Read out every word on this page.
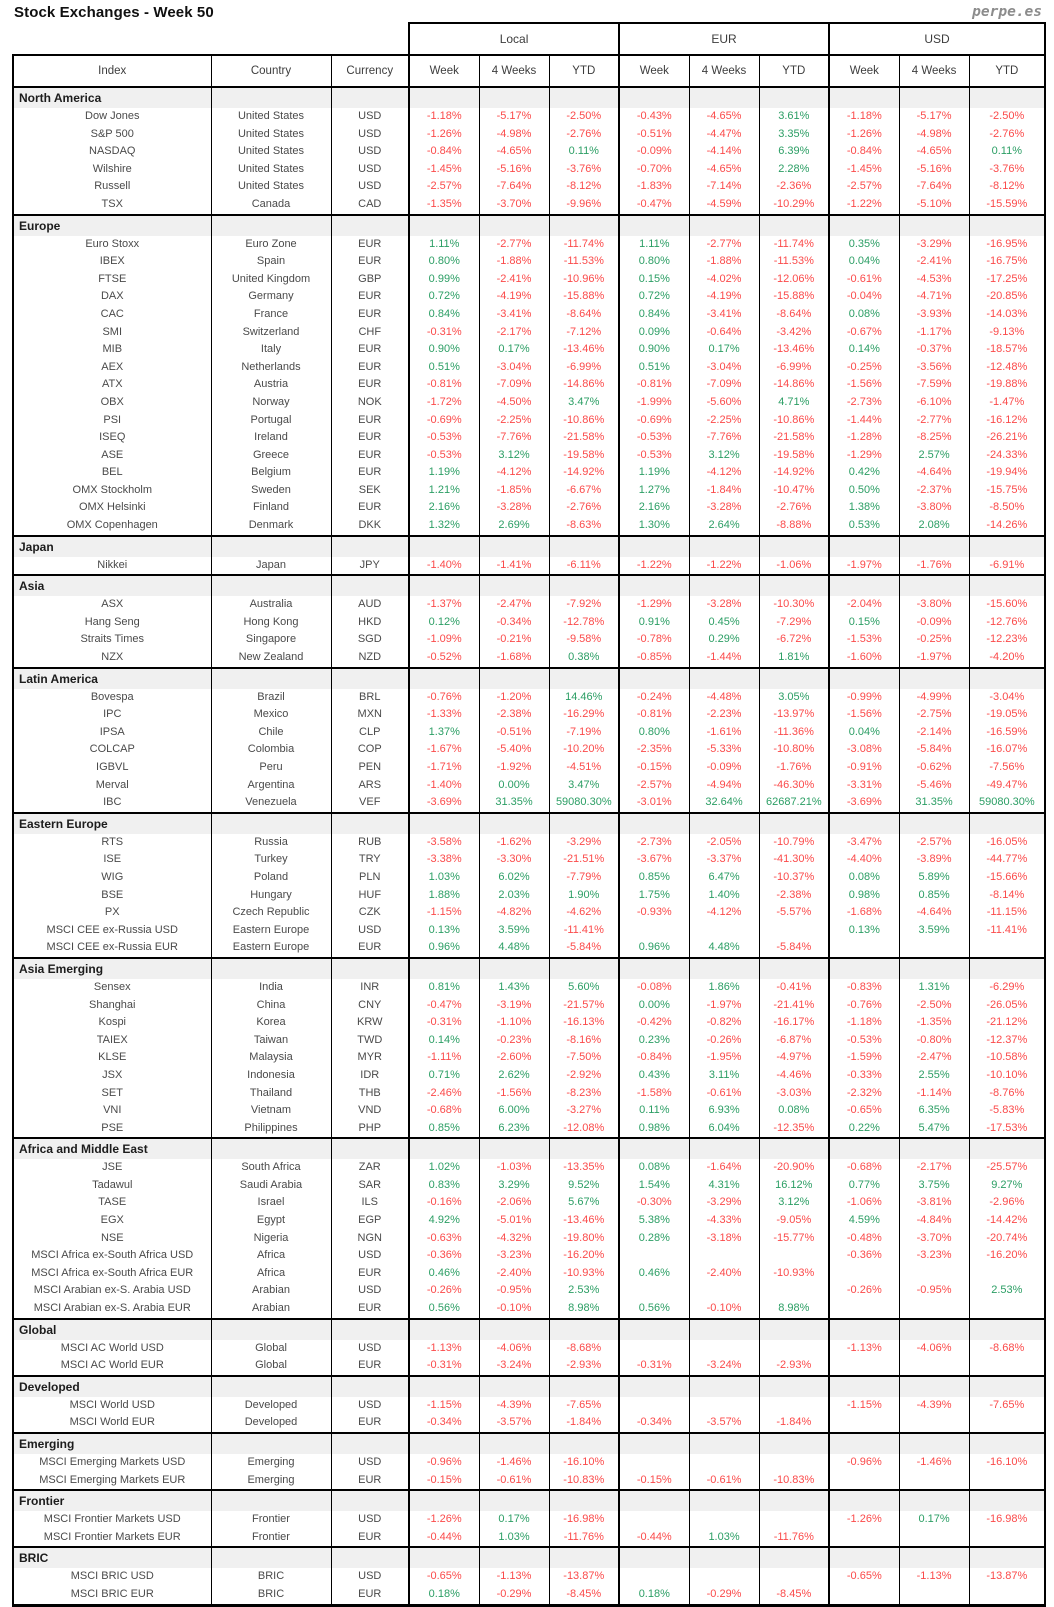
Stock Exchanges - Week 50	perpe.es
			Local			EUR			USD		
Index	Country	Currency	Week	4 Weeks	YTD	Week	4 Weeks	YTD	Week	4 Weeks	YTD
North America											
Dow Jones	United States	USD	-1.18%	-5.17%	-2.50%	-0.43%	-4.65%	3.61%	-1.18%	-5.17%	-2.50%
S&P 500	United States	USD	-1.26%	-4.98%	-2.76%	-0.51%	-4.47%	3.35%	-1.26%	-4.98%	-2.76%
NASDAQ	United States	USD	-0.84%	-4.65%	0.11%	-0.09%	-4.14%	6.39%	-0.84%	-4.65%	0.11%
Wilshire	United States	USD	-1.45%	-5.16%	-3.76%	-0.70%	-4.65%	2.28%	-1.45%	-5.16%	-3.76%
Russell	United States	USD	-2.57%	-7.64%	-8.12%	-1.83%	-7.14%	-2.36%	-2.57%	-7.64%	-8.12%
TSX	Canada	CAD	-1.35%	-3.70%	-9.96%	-0.47%	-4.59%	-10.29%	-1.22%	-5.10%	-15.59%
Europe											
Euro Stoxx	Euro Zone	EUR	1.11%	-2.77%	-11.74%	1.11%	-2.77%	-11.74%	0.35%	-3.29%	-16.95%
IBEX	Spain	EUR	0.80%	-1.88%	-11.53%	0.80%	-1.88%	-11.53%	0.04%	-2.41%	-16.75%
FTSE	United Kingdom	GBP	0.99%	-2.41%	-10.96%	0.15%	-4.02%	-12.06%	-0.61%	-4.53%	-17.25%
DAX	Germany	EUR	0.72%	-4.19%	-15.88%	0.72%	-4.19%	-15.88%	-0.04%	-4.71%	-20.85%
CAC	France	EUR	0.84%	-3.41%	-8.64%	0.84%	-3.41%	-8.64%	0.08%	-3.93%	-14.03%
SMI	Switzerland	CHF	-0.31%	-2.17%	-7.12%	0.09%	-0.64%	-3.42%	-0.67%	-1.17%	-9.13%
MIB	Italy	EUR	0.90%	0.17%	-13.46%	0.90%	0.17%	-13.46%	0.14%	-0.37%	-18.57%
AEX	Netherlands	EUR	0.51%	-3.04%	-6.99%	0.51%	-3.04%	-6.99%	-0.25%	-3.56%	-12.48%
ATX	Austria	EUR	-0.81%	-7.09%	-14.86%	-0.81%	-7.09%	-14.86%	-1.56%	-7.59%	-19.88%
OBX	Norway	NOK	-1.72%	-4.50%	3.47%	-1.99%	-5.60%	4.71%	-2.73%	-6.10%	-1.47%
PSI	Portugal	EUR	-0.69%	-2.25%	-10.86%	-0.69%	-2.25%	-10.86%	-1.44%	-2.77%	-16.12%
ISEQ	Ireland	EUR	-0.53%	-7.76%	-21.58%	-0.53%	-7.76%	-21.58%	-1.28%	-8.25%	-26.21%
ASE	Greece	EUR	-0.53%	3.12%	-19.58%	-0.53%	3.12%	-19.58%	-1.29%	2.57%	-24.33%
BEL	Belgium	EUR	1.19%	-4.12%	-14.92%	1.19%	-4.12%	-14.92%	0.42%	-4.64%	-19.94%
OMX Stockholm	Sweden	SEK	1.21%	-1.85%	-6.67%	1.27%	-1.84%	-10.47%	0.50%	-2.37%	-15.75%
OMX Helsinki	Finland	EUR	2.16%	-3.28%	-2.76%	2.16%	-3.28%	-2.76%	1.38%	-3.80%	-8.50%
OMX Copenhagen	Denmark	DKK	1.32%	2.69%	-8.63%	1.30%	2.64%	-8.88%	0.53%	2.08%	-14.26%
Japan											
Nikkei	Japan	JPY	-1.40%	-1.41%	-6.11%	-1.22%	-1.22%	-1.06%	-1.97%	-1.76%	-6.91%
Asia											
ASX	Australia	AUD	-1.37%	-2.47%	-7.92%	-1.29%	-3.28%	-10.30%	-2.04%	-3.80%	-15.60%
Hang Seng	Hong Kong	HKD	0.12%	-0.34%	-12.78%	0.91%	0.45%	-7.29%	0.15%	-0.09%	-12.76%
Straits Times	Singapore	SGD	-1.09%	-0.21%	-9.58%	-0.78%	0.29%	-6.72%	-1.53%	-0.25%	-12.23%
NZX	New Zealand	NZD	-0.52%	-1.68%	0.38%	-0.85%	-1.44%	1.81%	-1.60%	-1.97%	-4.20%
Latin America											
Bovespa	Brazil	BRL	-0.76%	-1.20%	14.46%	-0.24%	-4.48%	3.05%	-0.99%	-4.99%	-3.04%
IPC	Mexico	MXN	-1.33%	-2.38%	-16.29%	-0.81%	-2.23%	-13.97%	-1.56%	-2.75%	-19.05%
IPSA	Chile	CLP	1.37%	-0.51%	-7.19%	0.80%	-1.61%	-11.36%	0.04%	-2.14%	-16.59%
COLCAP	Colombia	COP	-1.67%	-5.40%	-10.20%	-2.35%	-5.33%	-10.80%	-3.08%	-5.84%	-16.07%
IGBVL	Peru	PEN	-1.71%	-1.92%	-4.51%	-0.15%	-0.09%	-1.76%	-0.91%	-0.62%	-7.56%
Merval	Argentina	ARS	-1.40%	0.00%	3.47%	-2.57%	-4.94%	-46.30%	-3.31%	-5.46%	-49.47%
IBC	Venezuela	VEF	-3.69%	31.35%	59080.30%	-3.01%	32.64%	62687.21%	-3.69%	31.35%	59080.30%
Eastern Europe											
RTS	Russia	RUB	-3.58%	-1.62%	-3.29%	-2.73%	-2.05%	-10.79%	-3.47%	-2.57%	-16.05%
ISE	Turkey	TRY	-3.38%	-3.30%	-21.51%	-3.67%	-3.37%	-41.30%	-4.40%	-3.89%	-44.77%
WIG	Poland	PLN	1.03%	6.02%	-7.79%	0.85%	6.47%	-10.37%	0.08%	5.89%	-15.66%
BSE	Hungary	HUF	1.88%	2.03%	1.90%	1.75%	1.40%	-2.38%	0.98%	0.85%	-8.14%
PX	Czech Republic	CZK	-1.15%	-4.82%	-4.62%	-0.93%	-4.12%	-5.57%	-1.68%	-4.64%	-11.15%
MSCI CEE ex-Russia USD	Eastern Europe	USD	0.13%	3.59%	-11.41%				0.13%	3.59%	-11.41%
MSCI CEE ex-Russia EUR	Eastern Europe	EUR	0.96%	4.48%	-5.84%	0.96%	4.48%	-5.84%			
Asia Emerging											
Sensex	India	INR	0.81%	1.43%	5.60%	-0.08%	1.86%	-0.41%	-0.83%	1.31%	-6.29%
Shanghai	China	CNY	-0.47%	-3.19%	-21.57%	0.00%	-1.97%	-21.41%	-0.76%	-2.50%	-26.05%
Kospi	Korea	KRW	-0.31%	-1.10%	-16.13%	-0.42%	-0.82%	-16.17%	-1.18%	-1.35%	-21.12%
TAIEX	Taiwan	TWD	0.14%	-0.23%	-8.16%	0.23%	-0.26%	-6.87%	-0.53%	-0.80%	-12.37%
KLSE	Malaysia	MYR	-1.11%	-2.60%	-7.50%	-0.84%	-1.95%	-4.97%	-1.59%	-2.47%	-10.58%
JSX	Indonesia	IDR	0.71%	2.62%	-2.92%	0.43%	3.11%	-4.46%	-0.33%	2.55%	-10.10%
SET	Thailand	THB	-2.46%	-1.56%	-8.23%	-1.58%	-0.61%	-3.03%	-2.32%	-1.14%	-8.76%
VNI	Vietnam	VND	-0.68%	6.00%	-3.27%	0.11%	6.93%	0.08%	-0.65%	6.35%	-5.83%
PSE	Philippines	PHP	0.85%	6.23%	-12.08%	0.98%	6.04%	-12.35%	0.22%	5.47%	-17.53%
Africa and Middle East											
JSE	South Africa	ZAR	1.02%	-1.03%	-13.35%	0.08%	-1.64%	-20.90%	-0.68%	-2.17%	-25.57%
Tadawul	Saudi Arabia	SAR	0.83%	3.29%	9.52%	1.54%	4.31%	16.12%	0.77%	3.75%	9.27%
TASE	Israel	ILS	-0.16%	-2.06%	5.67%	-0.30%	-3.29%	3.12%	-1.06%	-3.81%	-2.96%
EGX	Egypt	EGP	4.92%	-5.01%	-13.46%	5.38%	-4.33%	-9.05%	4.59%	-4.84%	-14.42%
NSE	Nigeria	NGN	-0.63%	-4.32%	-19.80%	0.28%	-3.18%	-15.77%	-0.48%	-3.70%	-20.74%
MSCI Africa ex-South Africa USD	Africa	USD	-0.36%	-3.23%	-16.20%				-0.36%	-3.23%	-16.20%
MSCI Africa ex-South Africa EUR	Africa	EUR	0.46%	-2.40%	-10.93%	0.46%	-2.40%	-10.93%			
MSCI Arabian ex-S. Arabia USD	Arabian	USD	-0.26%	-0.95%	2.53%				-0.26%	-0.95%	2.53%
MSCI Arabian ex-S. Arabia EUR	Arabian	EUR	0.56%	-0.10%	8.98%	0.56%	-0.10%	8.98%			
Global											
MSCI AC World USD	Global	USD	-1.13%	-4.06%	-8.68%				-1.13%	-4.06%	-8.68%
MSCI AC World EUR	Global	EUR	-0.31%	-3.24%	-2.93%	-0.31%	-3.24%	-2.93%			
Developed											
MSCI World USD	Developed	USD	-1.15%	-4.39%	-7.65%				-1.15%	-4.39%	-7.65%
MSCI World EUR	Developed	EUR	-0.34%	-3.57%	-1.84%	-0.34%	-3.57%	-1.84%			
Emerging											
MSCI Emerging Markets USD	Emerging	USD	-0.96%	-1.46%	-16.10%				-0.96%	-1.46%	-16.10%
MSCI Emerging Markets EUR	Emerging	EUR	-0.15%	-0.61%	-10.83%	-0.15%	-0.61%	-10.83%			
Frontier											
MSCI Frontier Markets USD	Frontier	USD	-1.26%	0.17%	-16.98%				-1.26%	0.17%	-16.98%
MSCI Frontier Markets EUR	Frontier	EUR	-0.44%	1.03%	-11.76%	-0.44%	1.03%	-11.76%			
BRIC											
MSCI BRIC USD	BRIC	USD	-0.65%	-1.13%	-13.87%				-0.65%	-1.13%	-13.87%
MSCI BRIC EUR	BRIC	EUR	0.18%	-0.29%	-8.45%	0.18%	-0.29%	-8.45%			
